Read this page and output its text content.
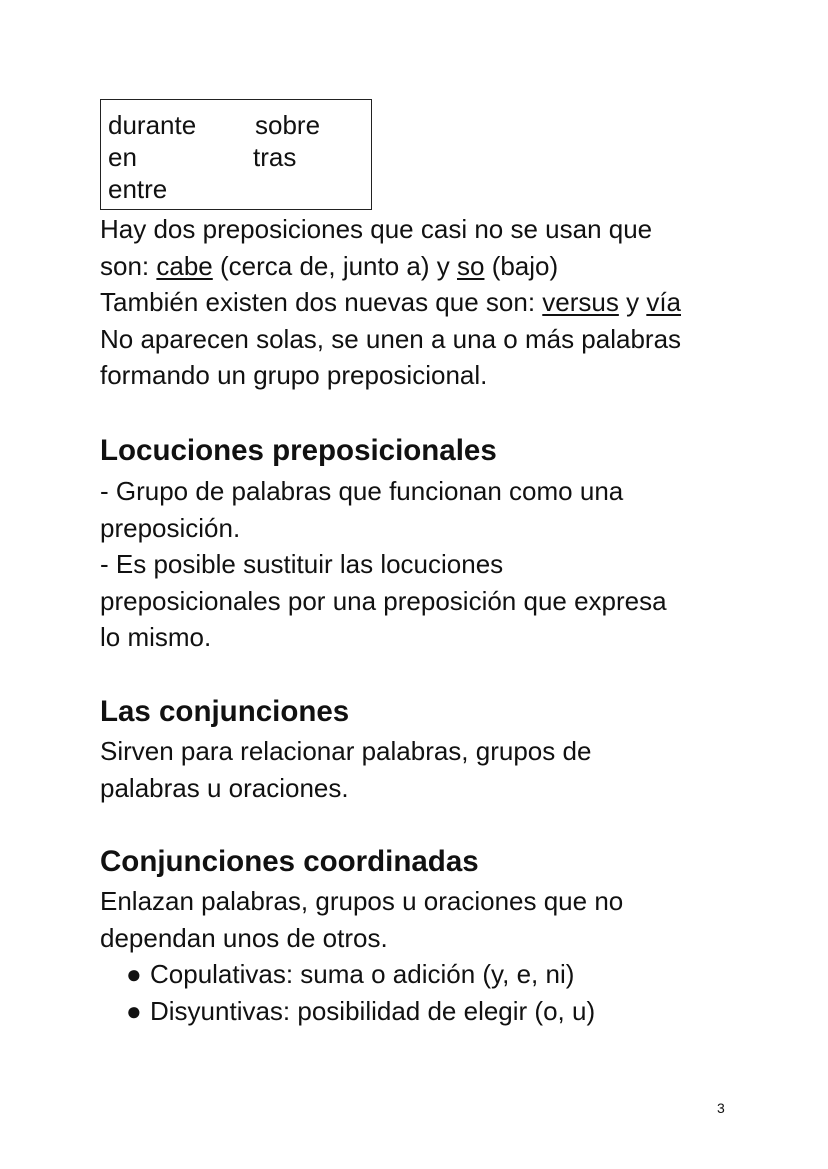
durante sobre
en	tras
entre

Hay dos preposiciones que casi no se usan que

son: cabe (cerca de, junto a) y so (bajo)

También existen dos nuevas que son: versus y vía

No aparecen solas, se unen a una o más palabras

formando un grupo preposicional.

Locuciones preposicionales

- Grupo de palabras que funcionan como una

preposición.

- Es posible sustituir las locuciones

preposicionales por una preposición que expresa

lo mismo.

Las conjunciones

Sirven para relacionar palabras, grupos de

palabras u oraciones.

Conjunciones coordinadas

Enlazan palabras, grupos u oraciones que no

dependan unos de otros.

● Copulativas: suma o adición (y, e, ni)
● Disyuntivas: posibilidad de elegir (o, u)
3
